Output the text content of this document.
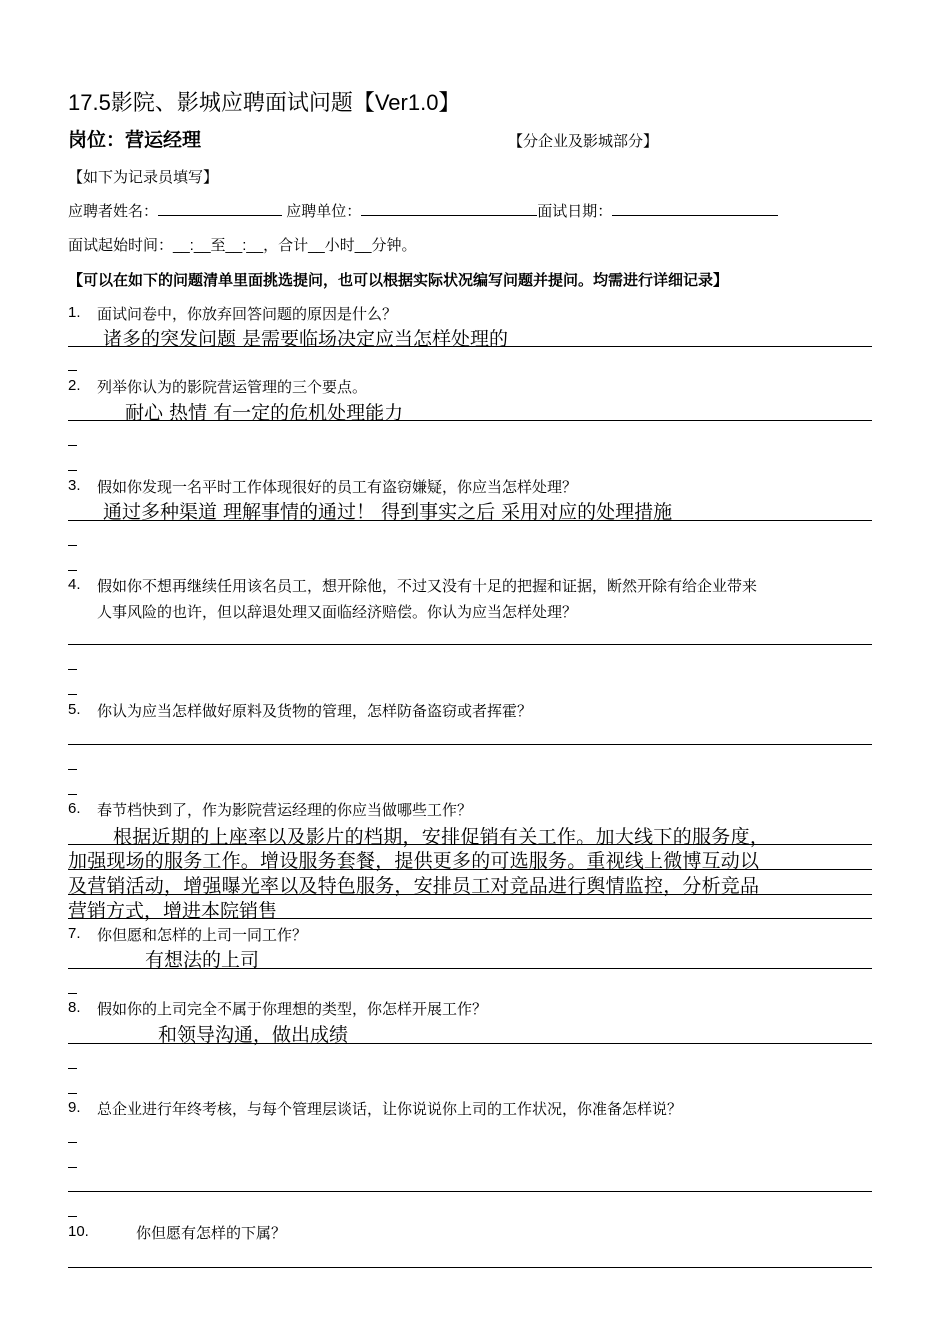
17.5影院、影城应聘面试问题【Ver1.0】
岗位：营运经理	【分企业及影城部分】
【如下为记录员填写】
应聘者姓名：	应聘单位：	面试日期：
面试起始时间：__:__至__:__，合计__小时__分钟。
【可以在如下的问题清单里面挑选提问，也可以根据实际状况编写问题并提问。均需进行详细记录】
1. 面试问卷中，你放弃回答问题的原因是什么？
诸多的突发问题 是需要临场决定应当怎样处理的
2. 列举你认为的影院营运管理的三个要点。
耐心 热情 有一定的危机处理能力
3. 假如你发现一名平时工作体现很好的员工有盗窃嫌疑，你应当怎样处理？
通过多种渠道 理解事情的通过！ 得到事实之后 采用对应的处理措施
4. 假如你不想再继续任用该名员工，想开除他，不过又没有十足的把握和证据，断然开除有给企业带来
人事风险的也许，但以辞退处理又面临经济赔偿。你认为应当怎样处理？
5. 你认为应当怎样做好原料及货物的管理，怎样防备盗窃或者挥霍？
6. 春节档快到了，作为影院营运经理的你应当做哪些工作？
根据近期的上座率以及影片的档期，安排促销有关工作。加大线下的服务度，
加强现场的服务工作。增设服务套餐，提供更多的可选服务。重视线上微博互动以
及营销活动，增强曝光率以及特色服务，安排员工对竞品进行舆情监控，分析竞品
营销方式，增进本院销售
7. 你但愿和怎样的上司一同工作？
有想法的上司
8. 假如你的上司完全不属于你理想的类型，你怎样开展工作？
和领导沟通，做出成绩
9. 总企业进行年终考核，与每个管理层谈话，让你说说你上司的工作状况，你准备怎样说？
10.	你但愿有怎样的下属？
